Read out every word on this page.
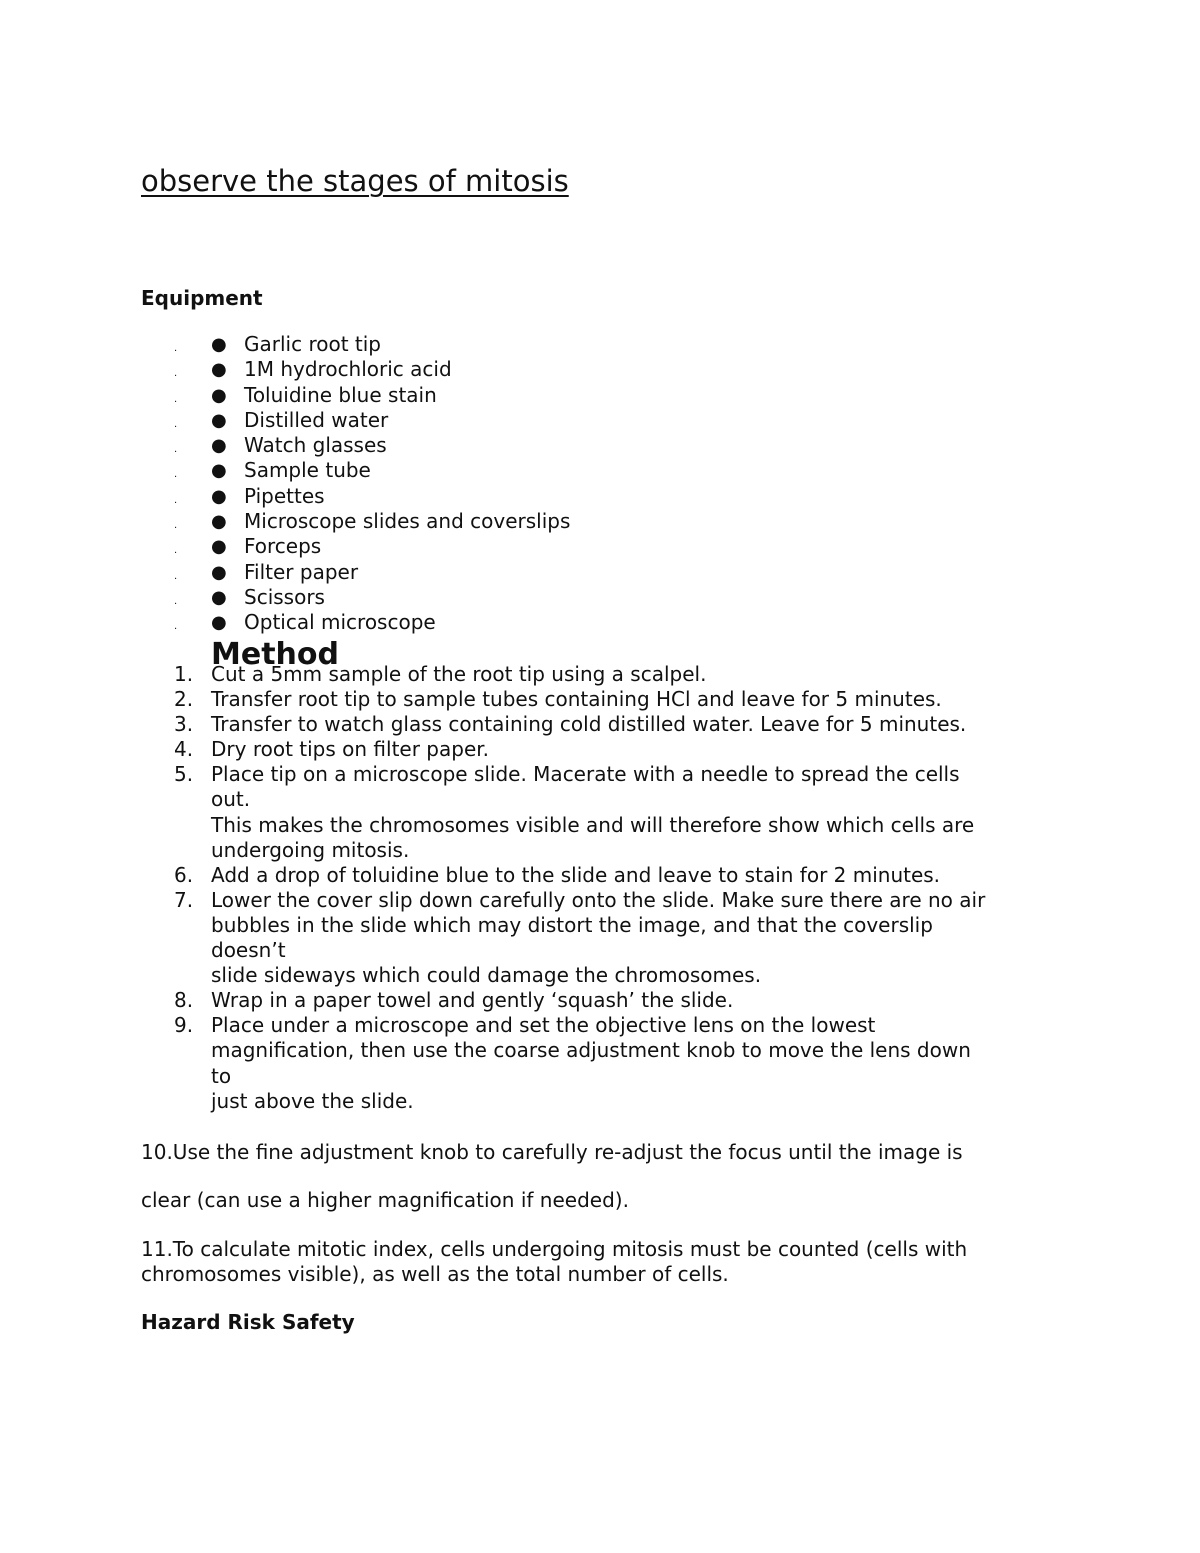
observe the stages of mitosis
Equipment
. ● Garlic root tip
. ● 1M hydrochloric acid
. ● Toluidine blue stain
. ● Distilled water
. ● Watch glasses
. ● Sample tube
. ● Pipettes
. ● Microscope slides and coverslips
. ● Forceps
. ● Filter paper
. ● Scissors
. ● Optical microscope
Method
1. Cut a 5mm sample of the root tip using a scalpel.
2. Transfer root tip to sample tubes containing HCl and leave for 5 minutes.
3. Transfer to watch glass containing cold distilled water. Leave for 5 minutes.
4. Dry root tips on filter paper.
5. Place tip on a microscope slide. Macerate with a needle to spread the cells
out.
This makes the chromosomes visible and will therefore show which cells are
undergoing mitosis.
6. Add a drop of toluidine blue to the slide and leave to stain for 2 minutes.
7. Lower the cover slip down carefully onto the slide. Make sure there are no air
bubbles in the slide which may distort the image, and that the coverslip
doesn’t
slide sideways which could damage the chromosomes.
8. Wrap in a paper towel and gently ‘squash’ the slide.
9. Place under a microscope and set the objective lens on the lowest
magnification, then use the coarse adjustment knob to move the lens down
to
just above the slide.

10.Use the fine adjustment knob to carefully re-adjust the focus until the image is

clear (can use a higher magnification if needed).

11.To calculate mitotic index, cells undergoing mitosis must be counted (cells with

chromosomes visible), as well as the total number of cells.

Hazard Risk Safety
